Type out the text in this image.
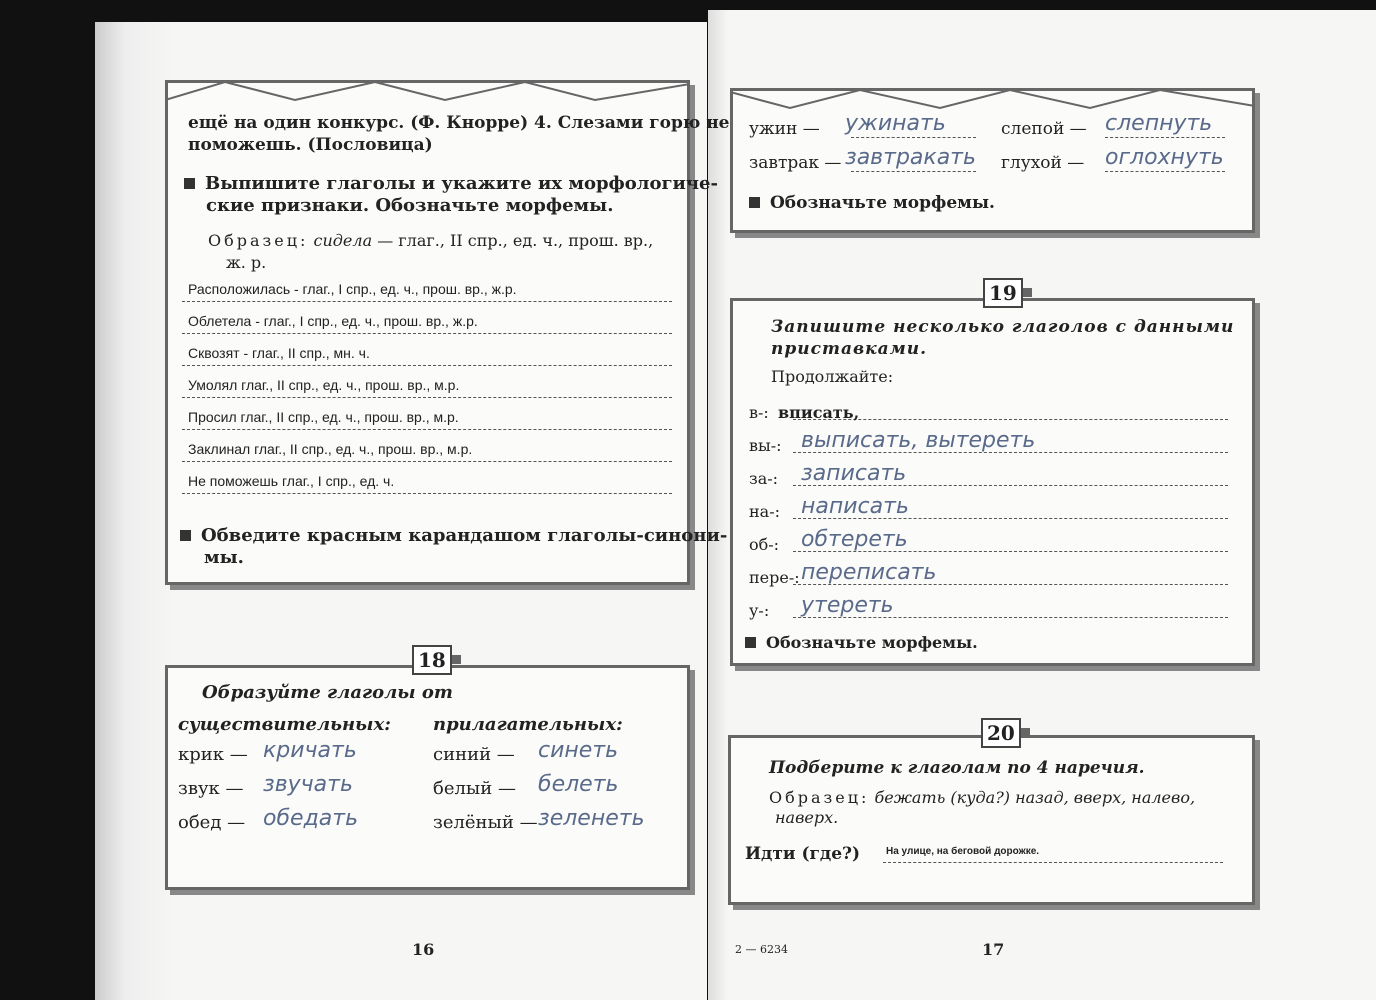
ещё на один конкурс. (Ф. Кнорре) 4. Слезами горю не
поможешь. (Пословица)
Выпишите глаголы и укажите их морфологиче-
ские признаки. Обозначьте морфемы.
Образец: сидела — глаг., II спр., ед. ч., прош. вр.,
ж. р.
Расположилась - глаг., I спр., ед. ч., прош. вр., ж.р.
Облетела - глаг., I спр., ед. ч., прош. вр., ж.р.
Сквозят - глаг., II спр., мн. ч.
Умолял глаг., II спр., ед. ч., прош. вр., м.р.
Просил глаг., II спр., ед. ч., прош. вр., м.р.
Заклинал глаг., II спр., ед. ч., прош. вр., м.р.
Не поможешь глаг., I спр., ед. ч.
Обведите красным карандашом глаголы-синони-
мы.
Образуйте глаголы от
существительных: прилагательных:
крик — кричать	синий — синеть
звук — звучать	белый — белеть
обед — обедать	зелёный — зеленеть
18
16
ужин — ужинать	слепой — слепнуть
завтрак — завтракать глухой — оглохнуть
Обозначьте морфемы.
Запишите несколько глаголов с данными
приставками.
Продолжайте:
в-: вписать,
вы-: выписать, вытереть
за-: записать
на-: написать
об-: обтереть
пере-: переписать
у-: утереть
Обозначьте морфемы.
19
Подберите к глаголам по 4 наречия.
Образец: бежать (куда?) назад, вверх, налево,
наверх.
Идти (где?)	На улице, на беговой дорожке.
20
2 — 6234	17
